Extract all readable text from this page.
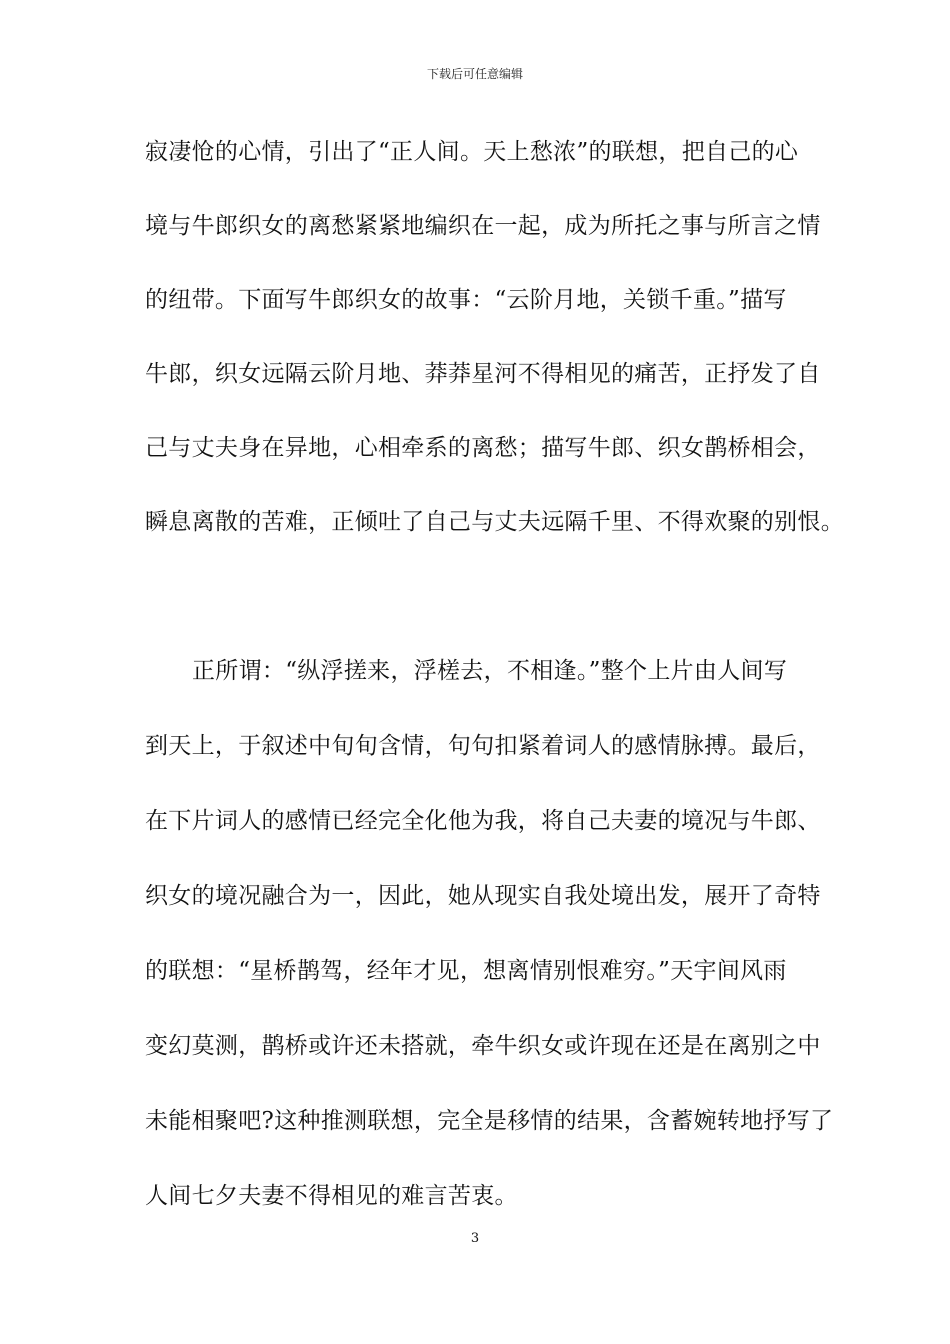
下载后可任意编辑
寂凄怆的心情，引出了“正人间。天上愁浓”的联想，把自己的心
境与牛郎织女的离愁紧紧地编织在一起，成为所托之事与所言之情
的纽带。下面写牛郎织女的故事：“云阶月地，关锁千重。”描写
牛郎，织女远隔云阶月地、莽莽星河不得相见的痛苦，正抒发了自
己与丈夫身在异地，心相牵系的离愁；描写牛郎、织女鹊桥相会，
瞬息离散的苦难，正倾吐了自己与丈夫远隔千里、不得欢聚的别恨。
正所谓：“纵浮搓来，浮槎去，不相逢。”整个上片由人间写
到天上，于叙述中旬旬含情，句句扣紧着词人的感情脉搏。最后，
在下片词人的感情已经完全化他为我，将自己夫妻的境况与牛郎、
织女的境况融合为一，因此，她从现实自我处境出发，展开了奇特
的联想：“星桥鹊驾，经年才见，想离情别恨难穷。”天宇间风雨
变幻莫测，鹊桥或许还未搭就，牵牛织女或许现在还是在离别之中
未能相聚吧?这种推测联想，完全是移情的结果，含蓄婉转地抒写了
人间七夕夫妻不得相见的难言苦衷。
3
